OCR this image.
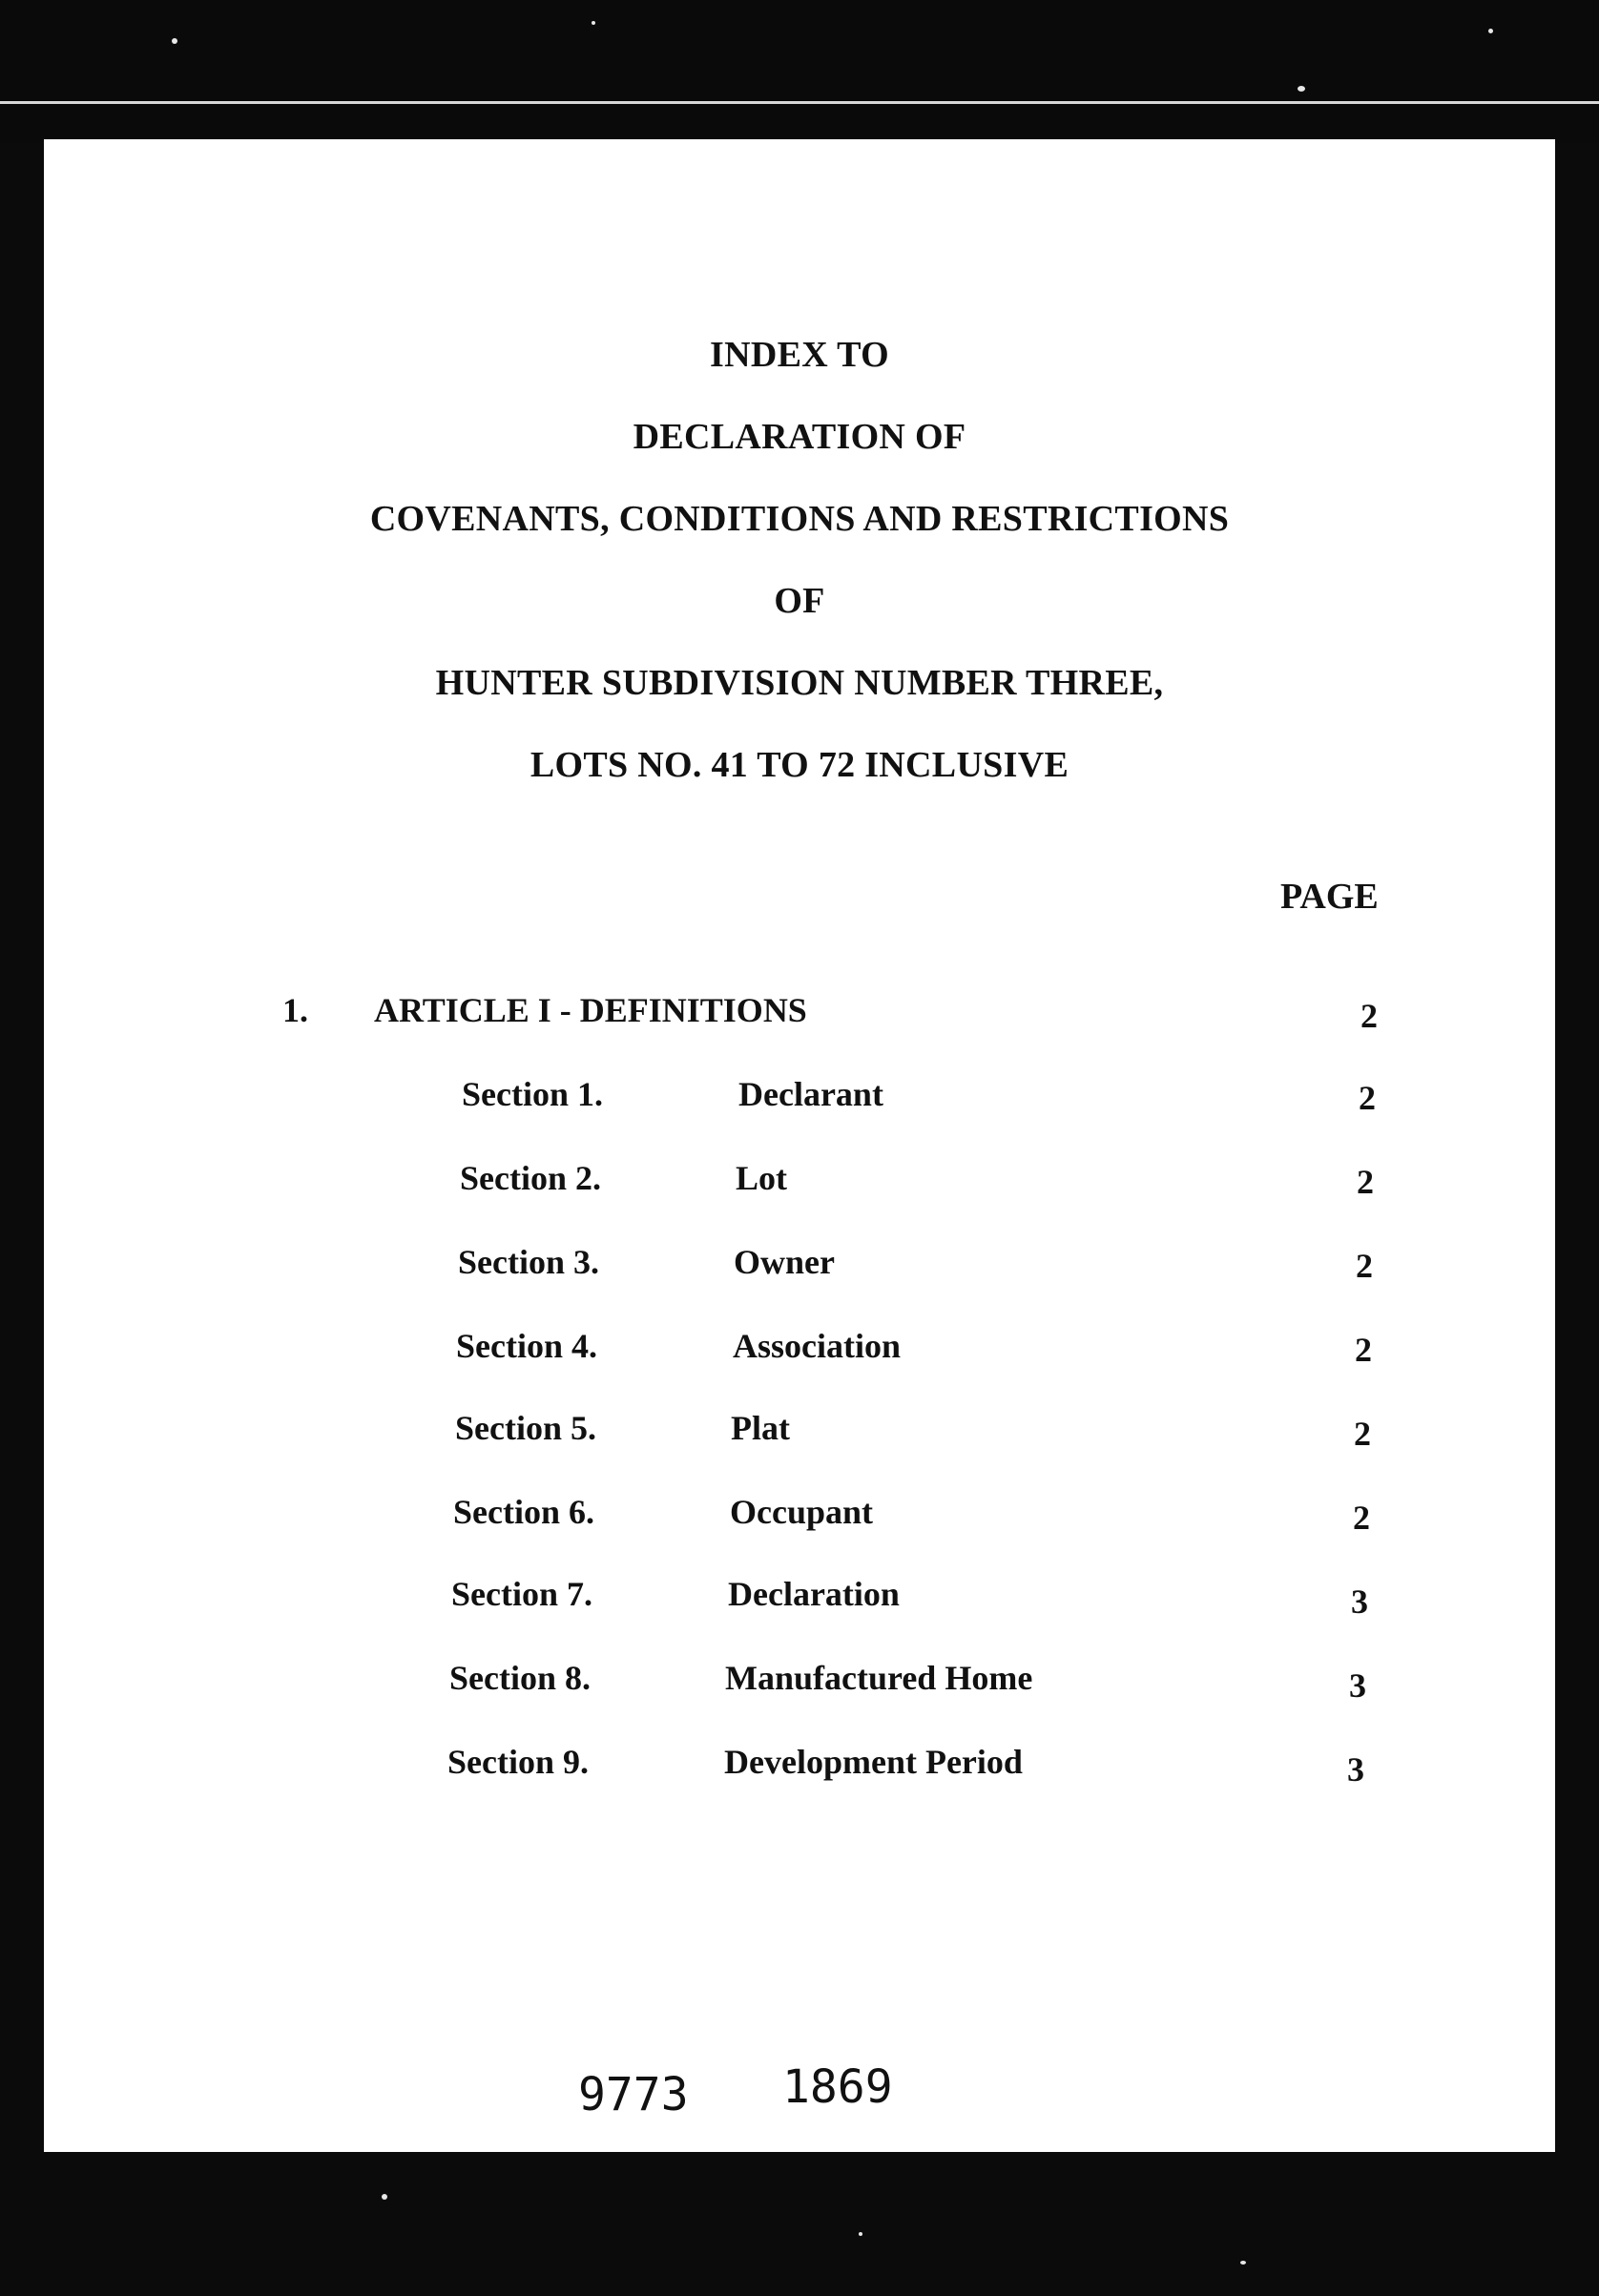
INDEX TO
DECLARATION OF
COVENANTS, CONDITIONS AND RESTRICTIONS
OF
HUNTER SUBDIVISION NUMBER THREE,
LOTS NO. 41 TO 72 INCLUSIVE
PAGE
1. ARTICLE I - DEFINITIONS	2
Section 1.	Declarant	2
Section 2.	Lot	2
Section 3.	Owner	2
Section 4.	Association	2
Section 5.	Plat	2
Section 6.	Occupant	2
Section 7.	Declaration	3
Section 8.	Manufactured Home	3
Section 9.	Development Period	3
9773 1869
